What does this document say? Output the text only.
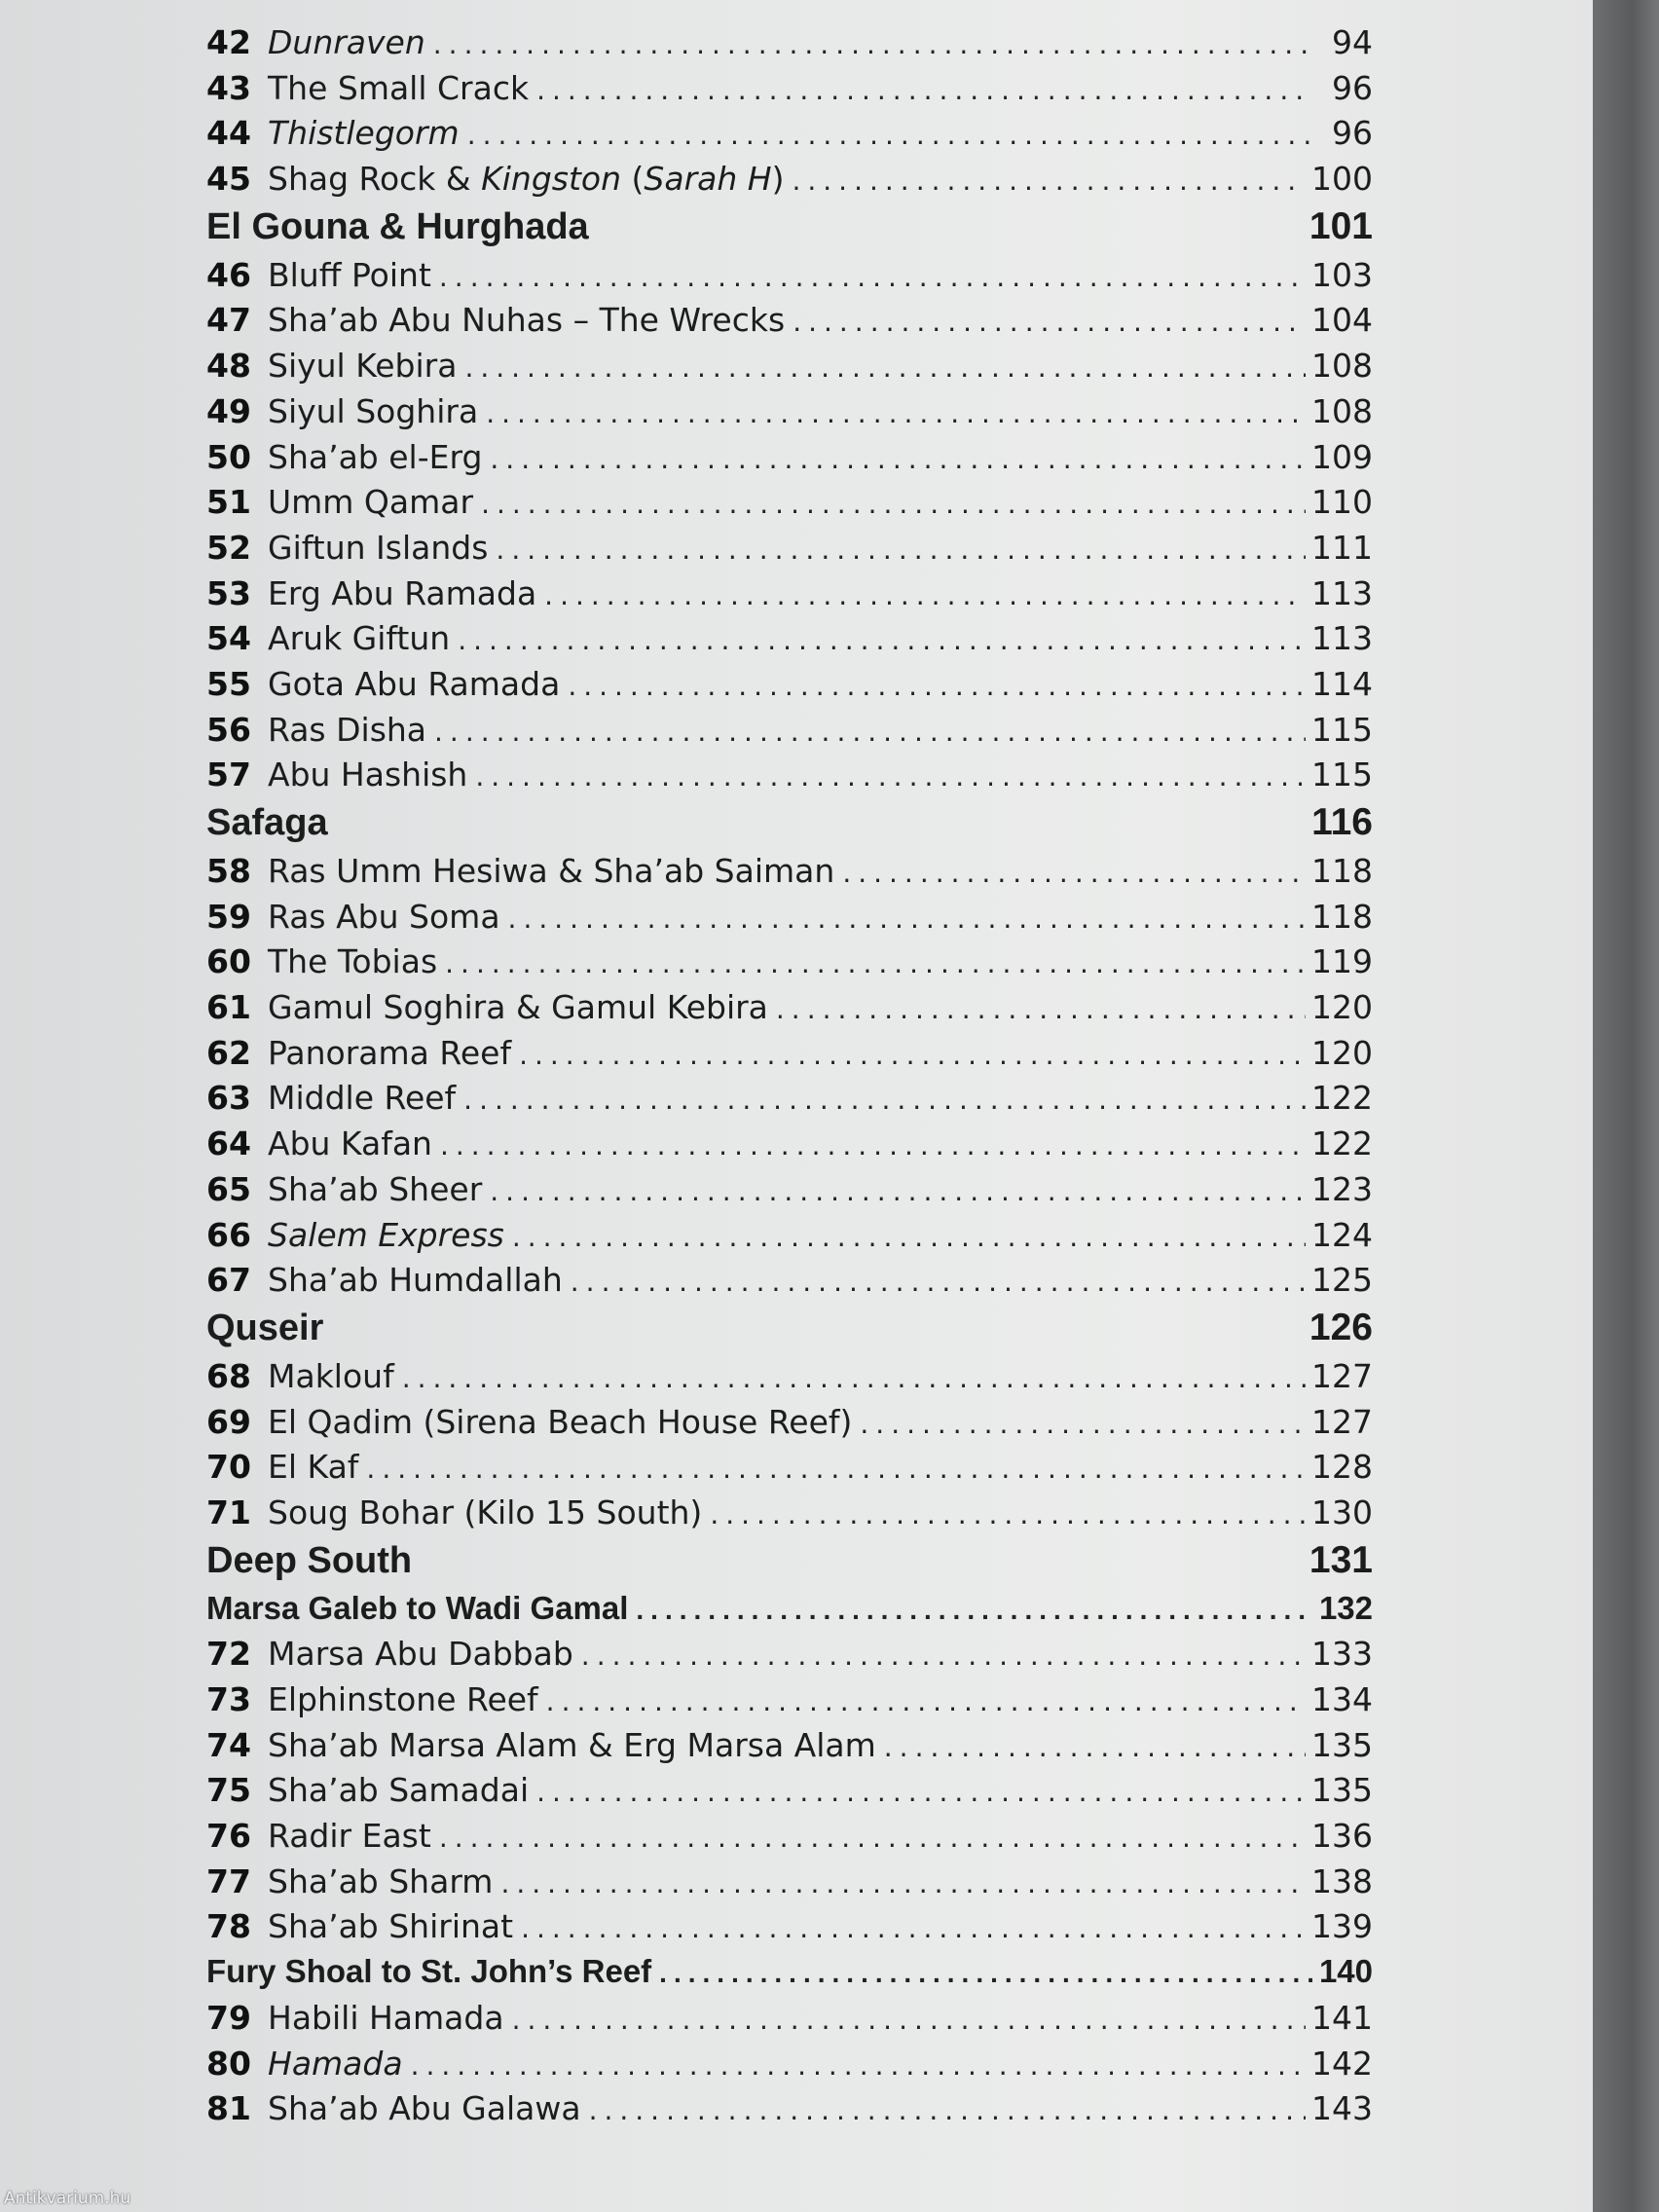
42 Dunraven .....	94
43 The Small Crack .....	96
44 Thistlegorm .....	96
45 Shag Rock & Kingston (Sarah H) .....	100
El Gouna & Hurghada	101
46 Bluff Point .....	103
47 Sha’ab Abu Nuhas – The Wrecks .....	104
48 Siyul Kebira .....	108
49 Siyul Soghira .....	108
50 Sha’ab el-Erg .....	109
51 Umm Qamar .....	110
52 Giftun Islands .....	111
53 Erg Abu Ramada .....	113
54 Aruk Giftun .....	113
55 Gota Abu Ramada .....	114
56 Ras Disha .....	115
57 Abu Hashish .....	115
Safaga	116
58 Ras Umm Hesiwa & Sha’ab Saiman .....	118
59 Ras Abu Soma .....	118
60 The Tobias .....	119
61 Gamul Soghira & Gamul Kebira .....	120
62 Panorama Reef .....	120
63 Middle Reef .....	122
64 Abu Kafan .....	122
65 Sha’ab Sheer .....	123
66 Salem Express .....	124
67 Sha’ab Humdallah .....	125
Quseir	126
68 Maklouf .....	127
69 El Qadim (Sirena Beach House Reef) .....	127
70 El Kaf .....	128
71 Soug Bohar (Kilo 15 South) .....	130
Deep South	131
Marsa Galeb to Wadi Gamal .....	132
72 Marsa Abu Dabbab .....	133
73 Elphinstone Reef .....	134
74 Sha’ab Marsa Alam & Erg Marsa Alam .....	135
75 Sha’ab Samadai .....	135
76 Radir East .....	136
77 Sha’ab Sharm .....	138
78 Sha’ab Shirinat .....	139
Fury Shoal to St. John’s Reef .....	140
79 Habili Hamada .....	141
80 Hamada .....	142
81 Sha’ab Abu Galawa .....	143
Antikvarium.hu
